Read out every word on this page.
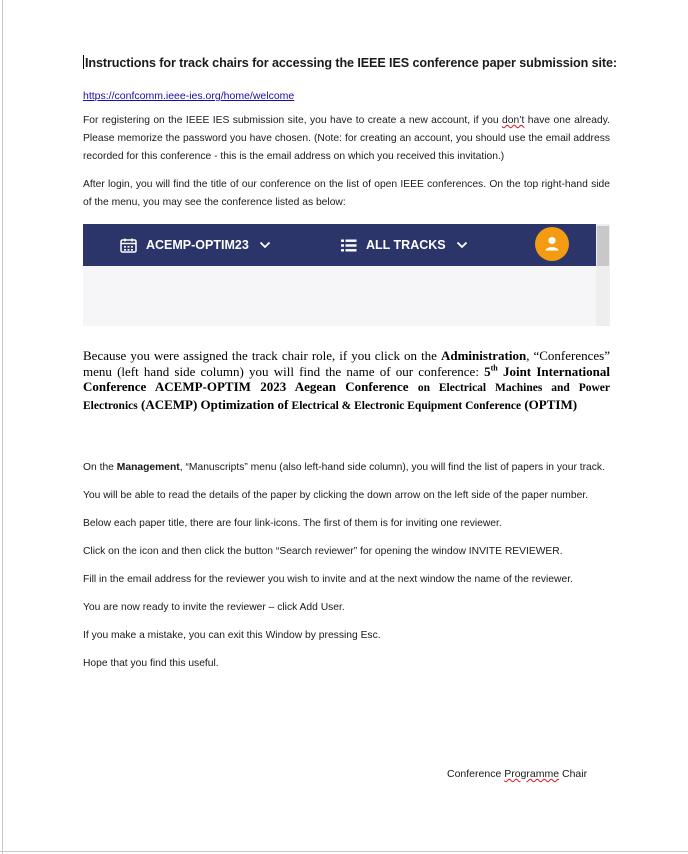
Instructions for track chairs for accessing the IEEE IES conference paper submission site:
https://confcomm.ieee-ies.org/home/welcome

For registering on the IEEE IES submission site, you have to create a new account, if you don’t have one already. Please memorize the password you have chosen. (Note: for creating an account, you should use the email address recorded for this conference - this is the email address on which you received this invitation.)

After login, you will find the title of our conference on the list of open IEEE conferences. On the top right-hand side of the menu, you may see the conference listed as below:

ACEMP-OPTIM23	ALL TRACKS

Because you were assigned the track chair role, if you click on the Administration, “Conferences” menu (left hand side column) you will find the name of our conference: 5th Joint International Conference ACEMP-OPTIM 2023 Aegean Conference on Electrical Machines and Power Electronics (ACEMP) Optimization of Electrical & Electronic Equipment Conference (OPTIM)

On the Management, “Manuscripts” menu (also left-hand side column), you will find the list of papers in your track.

You will be able to read the details of the paper by clicking the down arrow on the left side of the paper number.

Below each paper title, there are four link-icons. The first of them is for inviting one reviewer.

Click on the icon and then click the button “Search reviewer” for opening the window INVITE REVIEWER.

Fill in the email address for the reviewer you wish to invite and at the next window the name of the reviewer.

You are now ready to invite the reviewer – click Add User.

If you make a mistake, you can exit this Window by pressing Esc.

Hope that you find this useful.

Conference Programme Chair
